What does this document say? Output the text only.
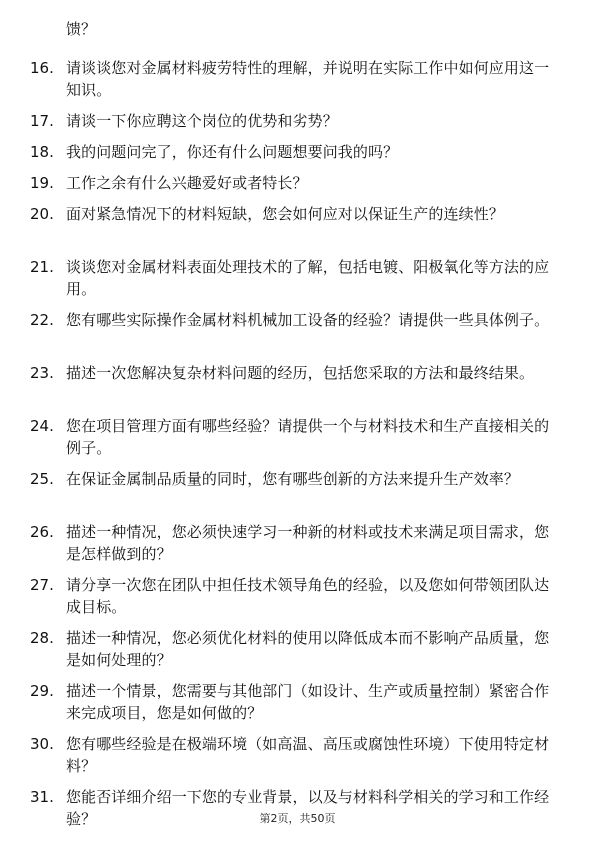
馈？

16. 请谈谈您对金属材料疲劳特性的理解，并说明在实际工作中如何应用这一知识。
17. 请谈一下你应聘这个岗位的优势和劣势？
18. 我的问题问完了，你还有什么问题想要问我的吗？
19. 工作之余有什么兴趣爱好或者特长？
20. 面对紧急情况下的材料短缺，您会如何应对以保证生产的连续性？
21. 谈谈您对金属材料表面处理技术的了解，包括电镀、阳极氧化等方法的应用。
22. 您有哪些实际操作金属材料机械加工设备的经验？请提供一些具体例子。
23. 描述一次您解决复杂材料问题的经历，包括您采取的方法和最终结果。
24. 您在项目管理方面有哪些经验？请提供一个与材料技术和生产直接相关的例子。
25. 在保证金属制品质量的同时，您有哪些创新的方法来提升生产效率？
26. 描述一种情况，您必须快速学习一种新的材料或技术来满足项目需求，您是怎样做到的？
27. 请分享一次您在团队中担任技术领导角色的经验，以及您如何带领团队达成目标。
28. 描述一种情况，您必须优化材料的使用以降低成本而不影响产品质量，您是如何处理的？
29. 描述一个情景，您需要与其他部门（如设计、生产或质量控制）紧密合作来完成项目，您是如何做的？
30. 您有哪些经验是在极端环境（如高温、高压或腐蚀性环境）下使用特定材料？
31. 您能否详细介绍一下您的专业背景，以及与材料科学相关的学习和工作经验？	第2页，共50页
